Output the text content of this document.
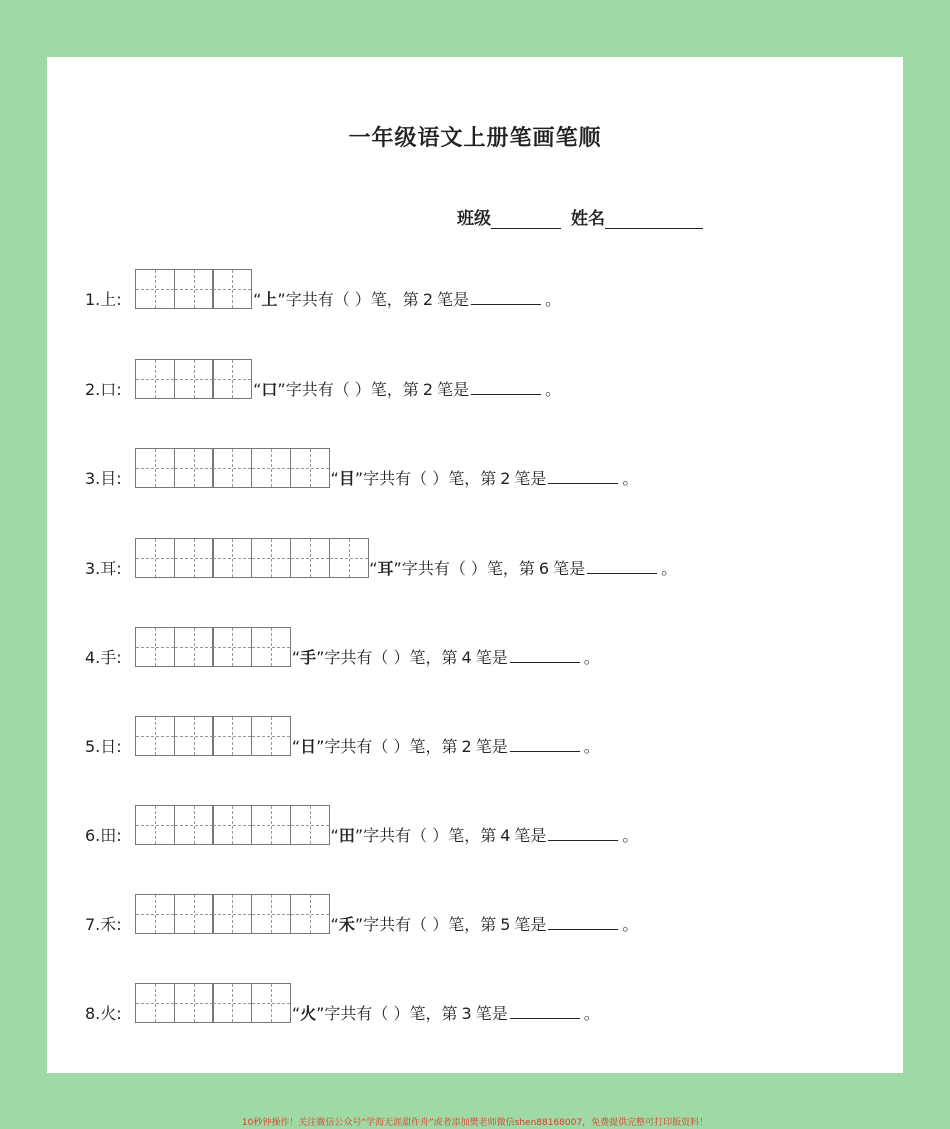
一年级语文上册笔画笔顺
班级	姓名
1.上:	“上”字共有（ ）笔，第 2 笔是	。
2.口:	“口”字共有（ ）笔，第 2 笔是	。
3.目:	“目”字共有（ ）笔，第 2 笔是	。
3.耳:	“耳”字共有（ ）笔，第 6 笔是	。
4.手:	“手”字共有（ ）笔，第 4 笔是	。
5.日:	“日”字共有（ ）笔，第 2 笔是	。
6.田:	“田”字共有（ ）笔，第 4 笔是	。
7.禾:	“禾”字共有（ ）笔，第 5 笔是	。
8.火:	“火”字共有（ ）笔，第 3 笔是	。
10秒钟操作！关注微信公众号“学海无涯甜作舟”或者添加樊老师微信shen88168007，免费提供完整可打印版资料！
